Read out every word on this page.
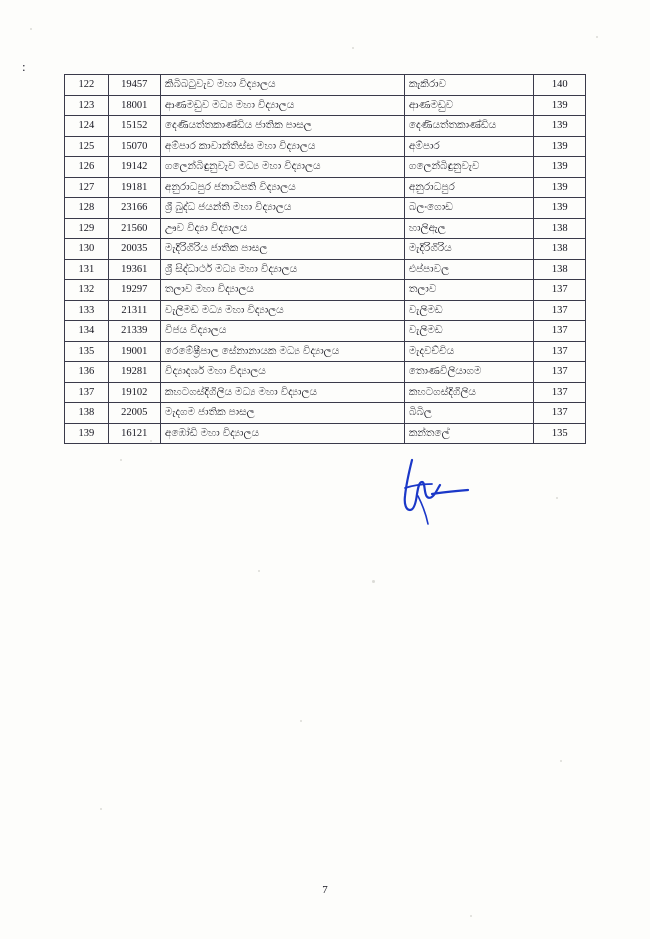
:
122	19457	කිබිබටුවැව මහා විද්‍යාලය	කැකිරාව	140
123	18001	ආණමඩුව මධ්‍ය මහා විද්‍යාලය	ආණමඩුව	139
124	15152	දෙණියත්තකාණ්ඩිය ජාතික පාසල	දෙණියත්තකාණ්ඩිය	139
125	15070	අම්පාර කාවාන්තිස්ස මහා විද්‍යාලය	අම්පාර	139
126	19142	ගලෙන්බිඳුනුවැව මධ්‍ය මහා විද්‍යාලය	ගලෙන්බිඳුනුවැව	139
127	19181	අනුරාධපුර ජනාධිපති විද්‍යාලය	අනුරාධපුර	139
128	23166	ශ්‍රී බුද්ධ ජයන්ති මහා විද්‍යාලය	බලංගොඩ	139
129	21560	ඌව විද්‍යා විද්‍යාලය	හාලිඇල	138
130	20035	මැදිරිගිරිය ජාතික පාසල	මැදිරිගිරිය	138
131	19361	ශ්‍රී සිද්ධාර්ථ මධ්‍ය මහා විද්‍යාලය	එප්පාවල	138
132	19297	තලාව මහා විද්‍යාලය	තලාව	137
133	21311	වැලිමඩ මධ්‍ය මහා විද්‍යාලය	වැලිමඩ	137
134	21339	විජය විද්‍යාලය	වැලිමඩ	137
135	19001	රෙමේෂ්‍රීපාල සේනානායක මධ්‍ය විද්‍යාලය	මැදවච්චිය	137
136	19281	විද්‍යාදර්ශ මහා විද්‍යාලය	තොණවිලියාගම	137
137	19102	කහටගස්දිගිලිය මධ්‍ය මහා විද්‍යාලය	කහටගස්දිගිලිය	137
138	22005	මැදගම ජාතික පාසල	බිබිල	137
139	16121	අඹෝඩි මහා විද්‍යාලය	කන්තලේ	135
7
